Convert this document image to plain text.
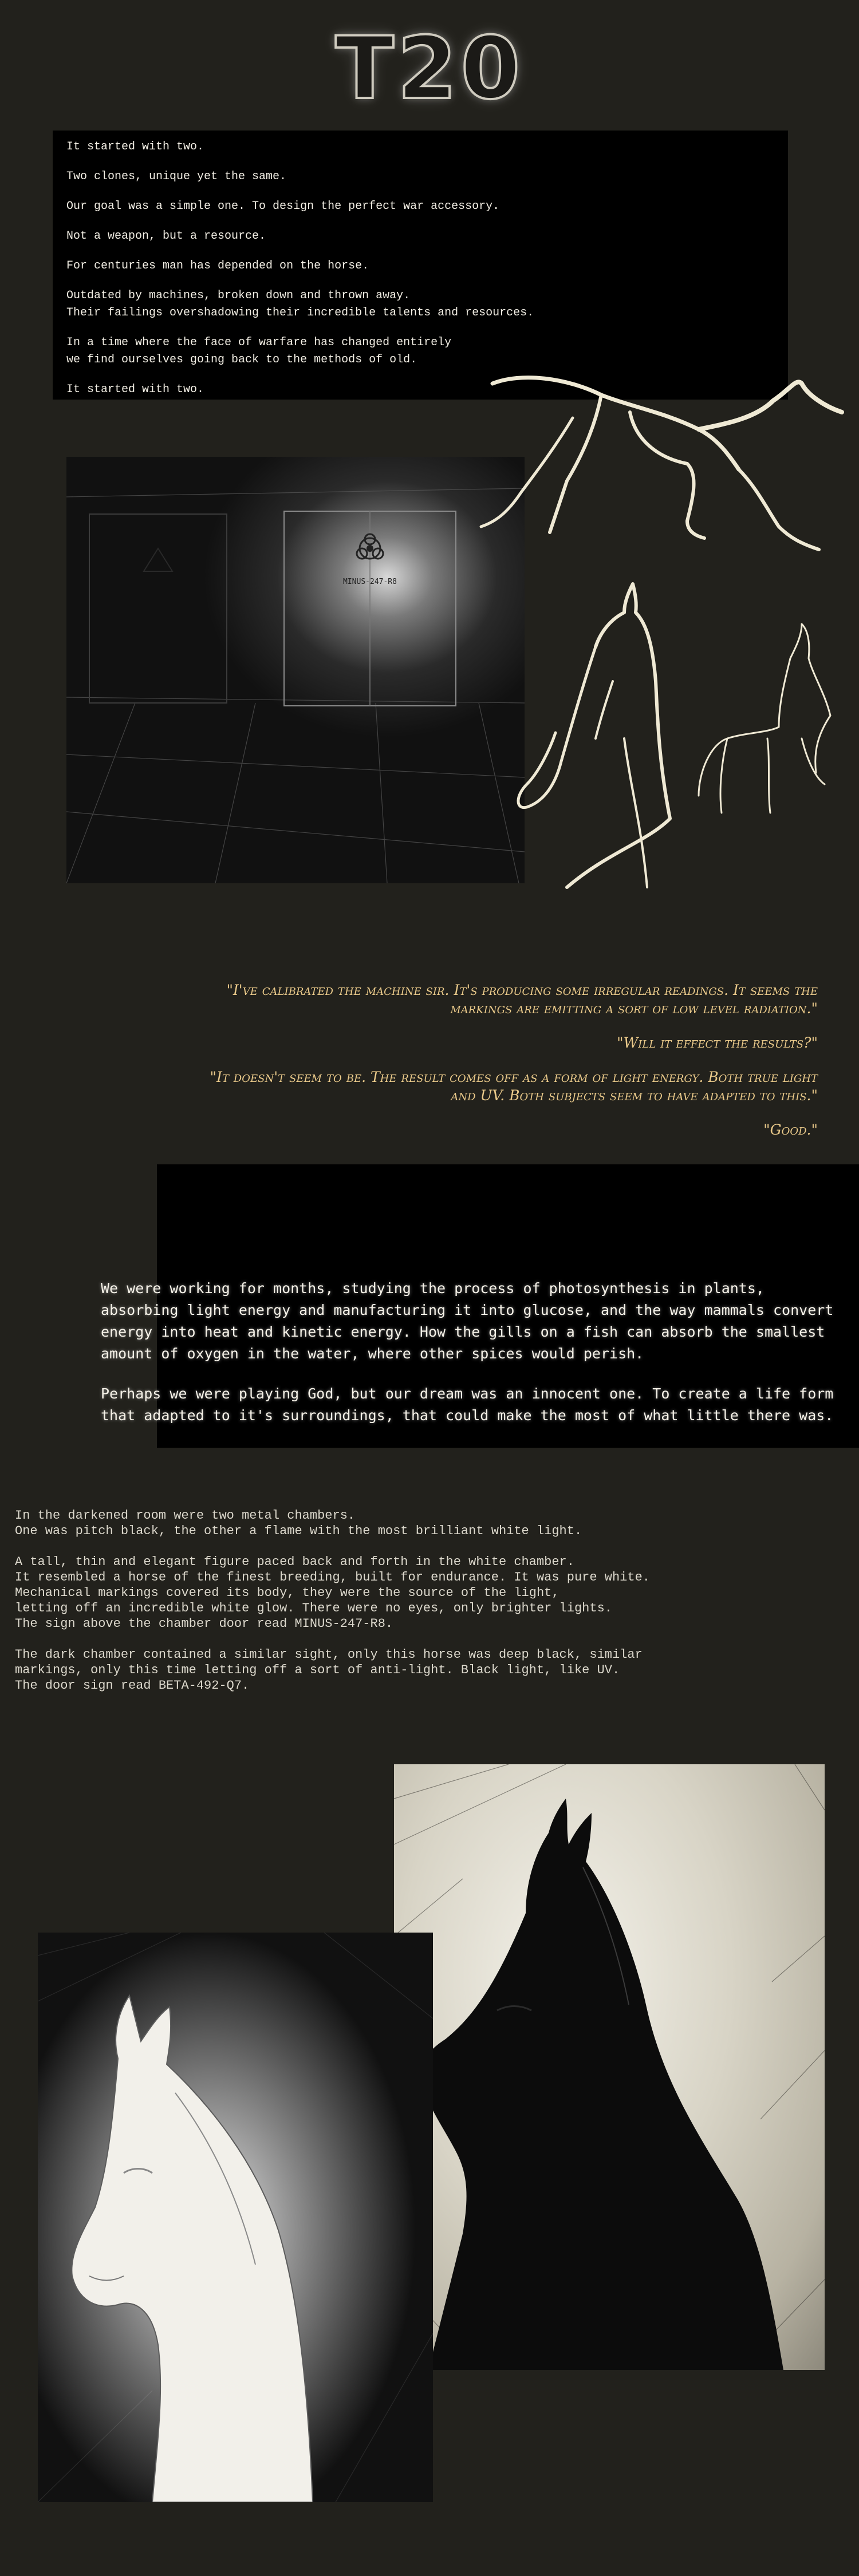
T20

It started with two.

Two clones, unique yet the same.

Our goal was a simple one. To design the perfect war accessory.

Not a weapon, but a resource.

For centuries man has depended on the horse.

Outdated by machines, broken down and thrown away.
Their failings overshadowing their incredible talents and resources.

In a time where the face of warfare has changed entirely
we find ourselves going back to the methods of old.

It started with two.

MINUS-247-R8

"I've calibrated the machine sir. It's producing some irregular readings. It seems the markings are emitting a sort of low level radiation."

"Will it effect the results?"

"It doesn't seem to be. The result comes off as a form of light energy. Both true light and UV. Both subjects seem to have adapted to this."

"Good."

We were working for months, studying the process of photosynthesis in plants, absorbing light energy and manufacturing it into glucose, and the way mammals convert energy into heat and kinetic energy. How the gills on a fish can absorb the smallest amount of oxygen in the water, where other spices would perish.

Perhaps we were playing God, but our dream was an innocent one. To create a life form that adapted to it's surroundings, that could make the most of what little there was.

In the darkened room were two metal chambers.
One was pitch black, the other a flame with the most brilliant white light.

A tall, thin and elegant figure paced back and forth in the white chamber.
It resembled a horse of the finest breeding, built for endurance. It was pure white.
Mechanical markings covered its body, they were the source of the light,
letting off an incredible white glow. There were no eyes, only brighter lights.
The sign above the chamber door read MINUS-247-R8.

The dark chamber contained a similar sight, only this horse was deep black, similar
markings, only this time letting off a sort of anti-light. Black light, like UV.
The door sign read BETA-492-Q7.
